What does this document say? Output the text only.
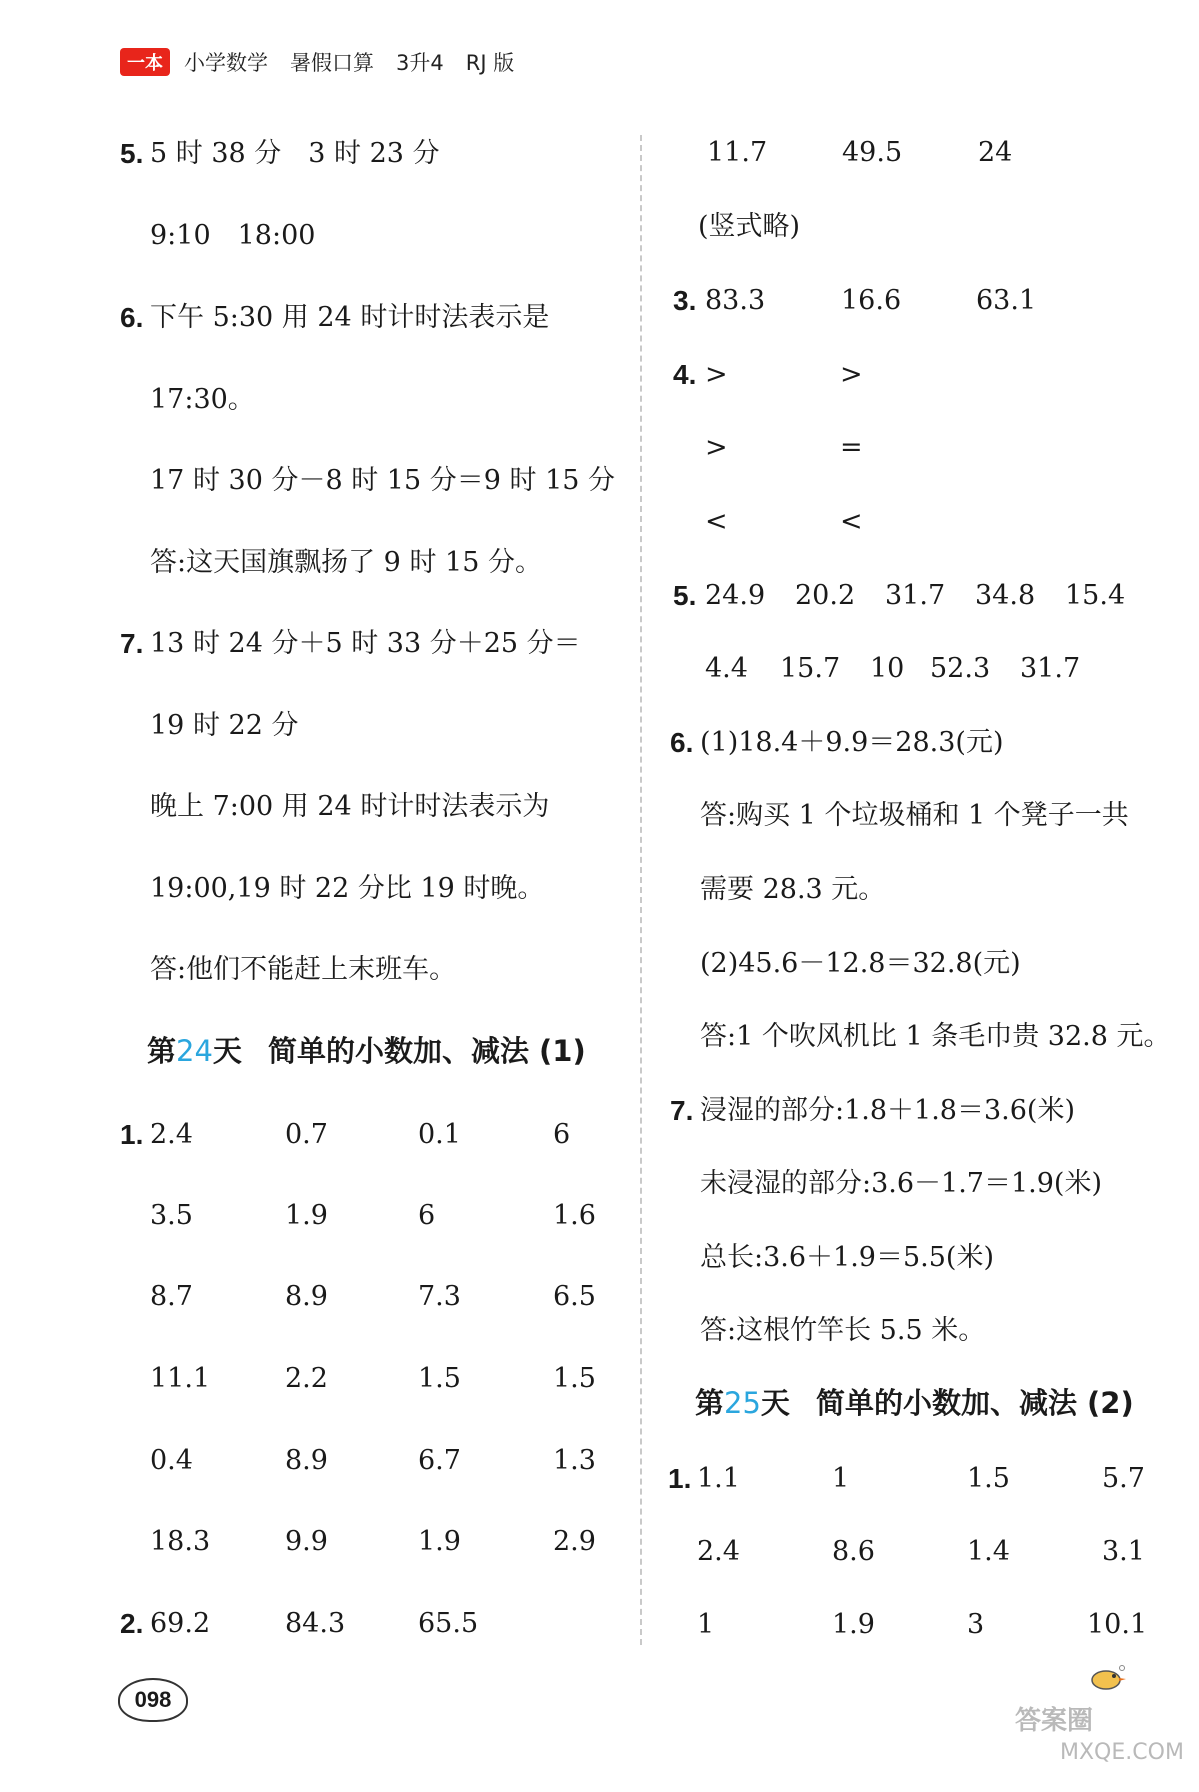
一本	小学数学 暑假口算 3升4 RJ 版
5. 5 时 38 分　3 时 23 分
9:10　18:00
6. 下午 5:30 用 24 时计时法表示是
17:30。
17 时 30 分－8 时 15 分＝9 时 15 分
答:这天国旗飘扬了 9 时 15 分。
7. 13 时 24 分＋5 时 33 分＋25 分＝
19 时 22 分
晚上 7:00 用 24 时计时法表示为
19:00,19 时 22 分比 19 时晚。
答:他们不能赶上末班车。
第24天 简单的小数加、减法 (1)
1. 2.4	0.7	0.1	6
3.5	1.9	6	1.6
8.7	8.9	7.3	6.5
11.1	2.2	1.5	1.5
0.4	8.9	6.7	1.3
18.3	9.9	1.9	2.9
2. 69.2	84.3	65.5
11.7	49.5	24
(竖式略)
3. 83.3	16.6	63.1
4. >	>
>	=
<	<
5. 24.9 20.2 31.7 34.8 15.4
4.4 15.7 10 52.3 31.7
6. (1)18.4＋9.9＝28.3(元)
答:购买 1 个垃圾桶和 1 个凳子一共
需要 28.3 元。
(2)45.6－12.8＝32.8(元)
答:1 个吹风机比 1 条毛巾贵 32.8 元。
7. 浸湿的部分:1.8＋1.8＝3.6(米)
未浸湿的部分:3.6－1.7＝1.9(米)
总长:3.6＋1.9＝5.5(米)
答:这根竹竿长 5.5 米。
第25天 简单的小数加、减法 (2)
1. 1.1	1	1.5	5.7
2.4	8.6	1.4	3.1
1	1.9	3	10.1
098
答案圈
MXQE.COM
